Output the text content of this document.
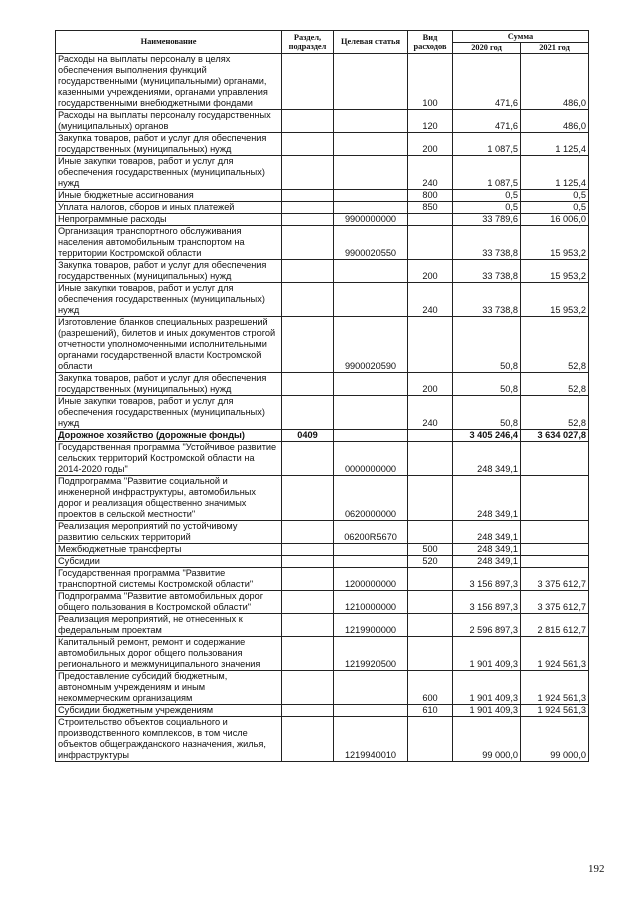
Наименование	Раздел, подраздел	Целевая статья	Вид расходов	Сумма	
				2020 год	2021 год
Расходы на выплаты персоналу в целях обеспечения выполнения функций государственными (муниципальными) органами, казенными учреждениями, органами управления государственными внебюджетными фондами			100	471,6	486,0
Расходы на выплаты персоналу государственных (муниципальных) органов			120	471,6	486,0
Закупка товаров, работ и услуг для обеспечения государственных (муниципальных) нужд			200	1 087,5	1 125,4
Иные закупки товаров, работ и услуг для обеспечения государственных (муниципальных) нужд			240	1 087,5	1 125,4
Иные бюджетные ассигнования			800	0,5	0,5
Уплата налогов, сборов и иных платежей			850	0,5	0,5
Непрограммные расходы		9900000000		33 789,6	16 006,0
Организация транспортного обслуживания населения автомобильным транспортом на территории Костромской области		9900020550		33 738,8	15 953,2
Закупка товаров, работ и услуг для обеспечения государственных (муниципальных) нужд			200	33 738,8	15 953,2
Иные закупки товаров, работ и услуг для обеспечения государственных (муниципальных) нужд			240	33 738,8	15 953,2
Изготовление бланков специальных разрешений (разрешений), билетов и иных документов строгой отчетности уполномоченными исполнительными органами государственной власти Костромской области		9900020590		50,8	52,8
Закупка товаров, работ и услуг для обеспечения государственных (муниципальных) нужд			200	50,8	52,8
Иные закупки товаров, работ и услуг для обеспечения государственных (муниципальных) нужд			240	50,8	52,8
Дорожное хозяйство (дорожные фонды)	0409			3 405 246,4	3 634 027,8
Государственная программа "Устойчивое развитие сельских территорий Костромской области на 2014-2020 годы"		0000000000		248 349,1	
Подпрограмма "Развитие социальной и инженерной инфраструктуры, автомобильных дорог и реализация общественно значимых проектов в сельской местности"		0620000000		248 349,1	
Реализация мероприятий по устойчивому развитию сельских территорий		06200R5670		248 349,1	
Межбюджетные трансферты			500	248 349,1	
Субсидии			520	248 349,1	
Государственная программа "Развитие транспортной системы Костромской области"		1200000000		3 156 897,3	3 375 612,7
Подпрограмма "Развитие автомобильных дорог общего пользования в Костромской области"		1210000000		3 156 897,3	3 375 612,7
Реализация мероприятий, не отнесенных к федеральным проектам		1219900000		2 596 897,3	2 815 612,7
Капитальный ремонт, ремонт и содержание автомобильных дорог общего пользования регионального и межмуниципального значения		1219920500		1 901 409,3	1 924 561,3
Предоставление субсидий бюджетным, автономным учреждениям и иным некоммерческим организациям			600	1 901 409,3	1 924 561,3
Субсидии бюджетным учреждениям			610	1 901 409,3	1 924 561,3
Строительство объектов социального и производственного комплексов, в том числе объектов общегражданского назначения, жилья, инфраструктуры		1219940010		99 000,0	99 000,0
192
